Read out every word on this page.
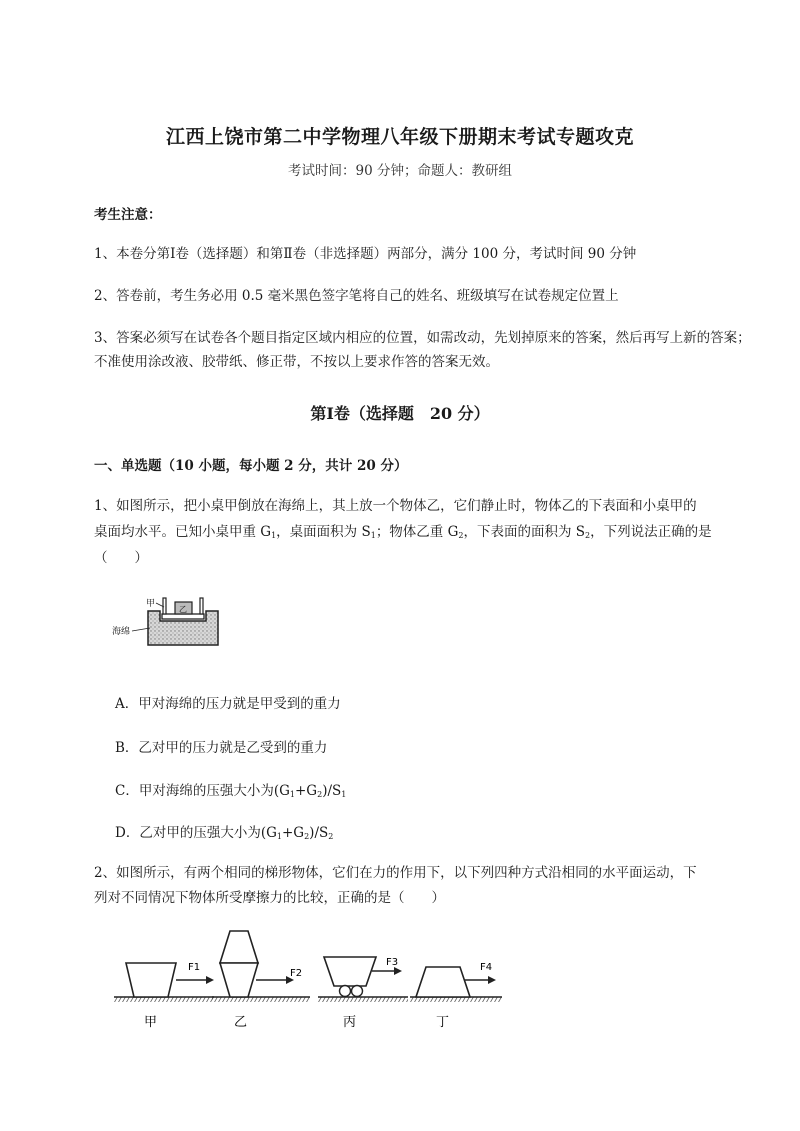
江西上饶市第二中学物理八年级下册期末考试专题攻克
考试时间：90 分钟；命题人：教研组
考生注意：
1、本卷分第Ⅰ卷（选择题）和第Ⅱ卷（非选择题）两部分，满分 100 分，考试时间 90 分钟
2、答卷前，考生务必用 0.5 毫米黑色签字笔将自己的姓名、班级填写在试卷规定位置上
3、答案必须写在试卷各个题目指定区域内相应的位置，如需改动，先划掉原来的答案，然后再写上新的答案；不准使用涂改液、胶带纸、修正带，不按以上要求作答的答案无效。
第Ⅰ卷（选择题　20 分）
一、单选题（10 小题，每小题 2 分，共计 20 分）
1、如图所示，把小桌甲倒放在海绵上，其上放一个物体乙，它们静止时，物体乙的下表面和小桌甲的
桌面均水平。已知小桌甲重 $G_1$，桌面面积为 $S_1$；物体乙重 $G_2$，下表面的面积为 $S_2$，下列说法正确的是
（　　）
乙
甲
海绵
A．甲对海绵的压力就是甲受到的重力
B．乙对甲的压力就是乙受到的重力
C．甲对海绵的压强大小为$(G_1+G_2)/S_1$
D．乙对甲的压强大小为$(G_1+G_2)/S_2$
2、如图所示，有两个相同的梯形物体，它们在力的作用下，以下列四种方式沿相同的水平面运动，下
列对不同情况下物体所受摩擦力的比较，正确的是（　　）
F1
F2
F3	F4
甲	乙	丙	丁
